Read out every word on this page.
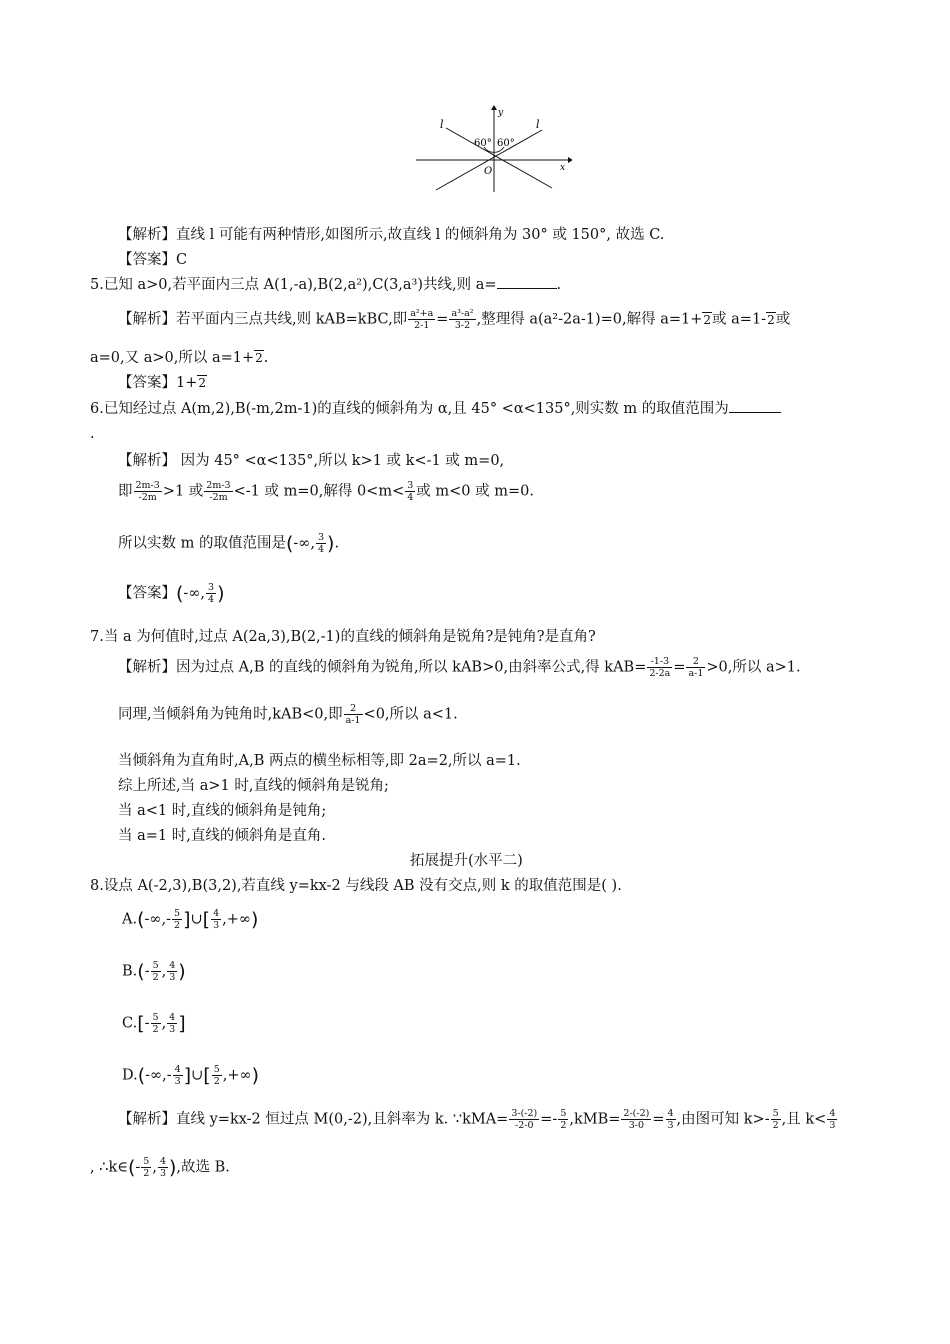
60° 60°
l	l
O	x
y
【解析】直线 l 可能有两种情形,如图所示,故直线 l 的倾斜角为 30° 或 150°, 故选 C.
【答案】C
5.已知 a>0,若平面内三点 A(1,-a),B(2,a²),C(3,a³)共线,则 a=	.
【解析】若平面内三点共线,则 kAB=kBC,即 $\frac{\text{a²+a}}{2-1} = \frac{\text{a³-a²}}{3-2}$ ,整理得 a(a²-2a-1)=0,解得 a=1+2或 a=1-2或
a=0,又 a>0,所以 a=1+2.
【答案】1+2
6.已知经过点 A(m,2),B(-m,2m-1)的直线的倾斜角为 α,且 45° <α<135°,则实数 m 的取值范围为
.
【解析】 因为 45° <α<135°,所以 k>1 或 k<-1 或 m=0,
即 $\frac{2m-3}{-2m} >1$ 或 $\frac{2m-3}{-2m} <-1$ 或 m=0,解得 $0<m< \frac{3}{4}$ 或 m<0 或 m=0.
所以实数 m 的取值范围是(-∞, $\frac{3}{4}$ ).
【答案】(-∞, $\frac{3}{4}$ )
7.当 a 为何值时,过点 A(2a,3),B(2,-1)的直线的倾斜角是锐角?是钝角?是直角?
【解析】因为过点 A,B 的直线的倾斜角为锐角,所以 kAB>0,由斜率公式,得 $kAB= \frac{-1-3}{2-2a} = \frac{2}{a-1} >0$,所以 a>1.
同理,当倾斜角为钝角时,kAB<0,即 $\frac{2}{a-1} <0$,所以 a<1.
当倾斜角为直角时,A,B 两点的横坐标相等,即 2a=2,所以 a=1.
综上所述,当 a>1 时,直线的倾斜角是锐角;
当 a<1 时,直线的倾斜角是钝角;
当 a=1 时,直线的倾斜角是直角.
拓展提升(水平二)
8.设点 A(-2,3),B(3,2),若直线 y=kx-2 与线段 AB 没有交点,则 k 的取值范围是( ).
$A.(-\infty,- \frac{5}{2}$ ]∪[ $\frac{4}{3}$ ,+∞)
$B.(- \frac{5}{2}$ , $\frac{4}{3}$ )
$C.[- \frac{5}{2}$ , $\frac{4}{3}$ ]
$D.(-\infty,- \frac{4}{3}$ ]∪[ $\frac{5}{2}$ ,+∞)
【解析】直线 y=kx-2 恒过点 M(0,-2),且斜率为 k. ∵kMA= $\frac{3-(-2)}{-2-0} =- \frac{5}{2} ,kMB= \frac{2-(-2)}{3-0} = \frac{4}{3}$ ,由图可知 $k>- \frac{5}{2}$ ,且 $k< \frac{4}{3}$
, ∴k∈(- $\frac{5}{2}$ , $\frac{4}{3}$ ),故选 B.
